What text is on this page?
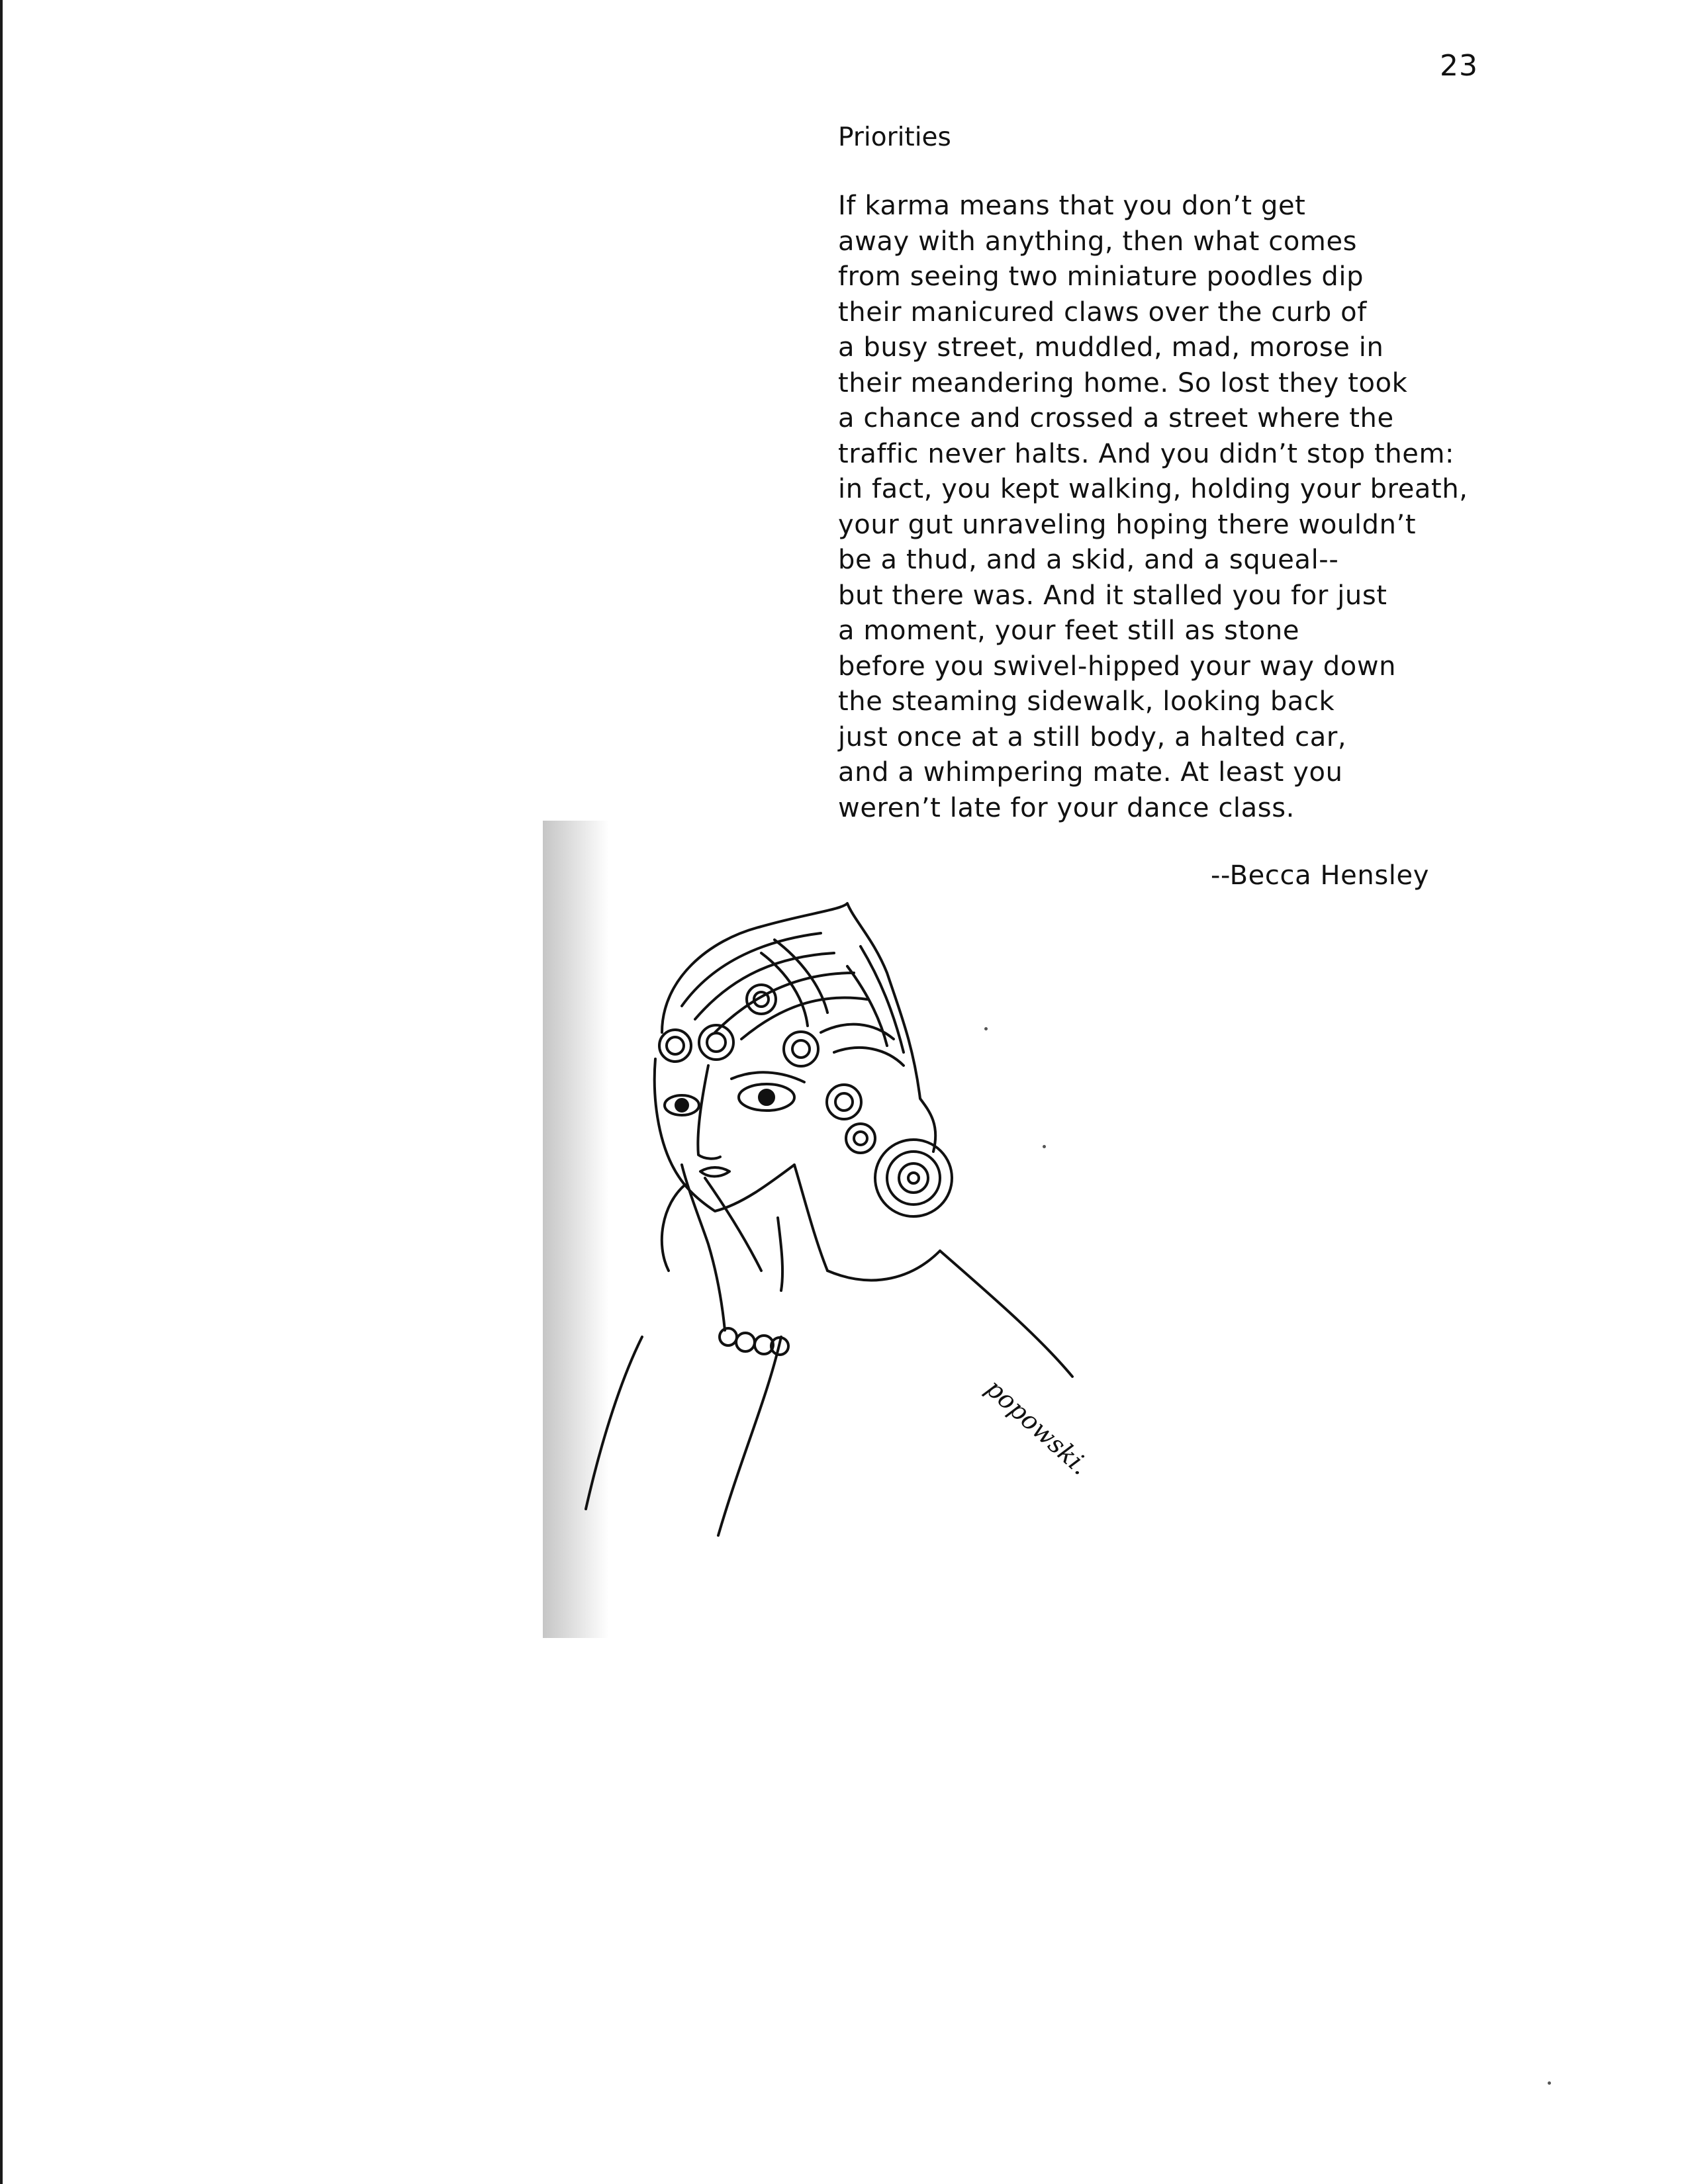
23
Priorities
If karma means that you don’t get
away with anything, then what comes
from seeing two miniature poodles dip
their manicured claws over the curb of
a busy street, muddled, mad, morose in
their meandering home. So lost they took
a chance and crossed a street where the
traffic never halts. And you didn’t stop them:
in fact, you kept walking, holding your breath,
your gut unraveling hoping there wouldn’t
be a thud, and a skid, and a squeal--
but there was. And it stalled you for just
a moment, your feet still as stone
before you swivel-hipped your way down
the steaming sidewalk, looking back
just once at a still body, a halted car,
and a whimpering mate. At least you
weren’t late for your dance class.
--Becca Hensley
popowski.
